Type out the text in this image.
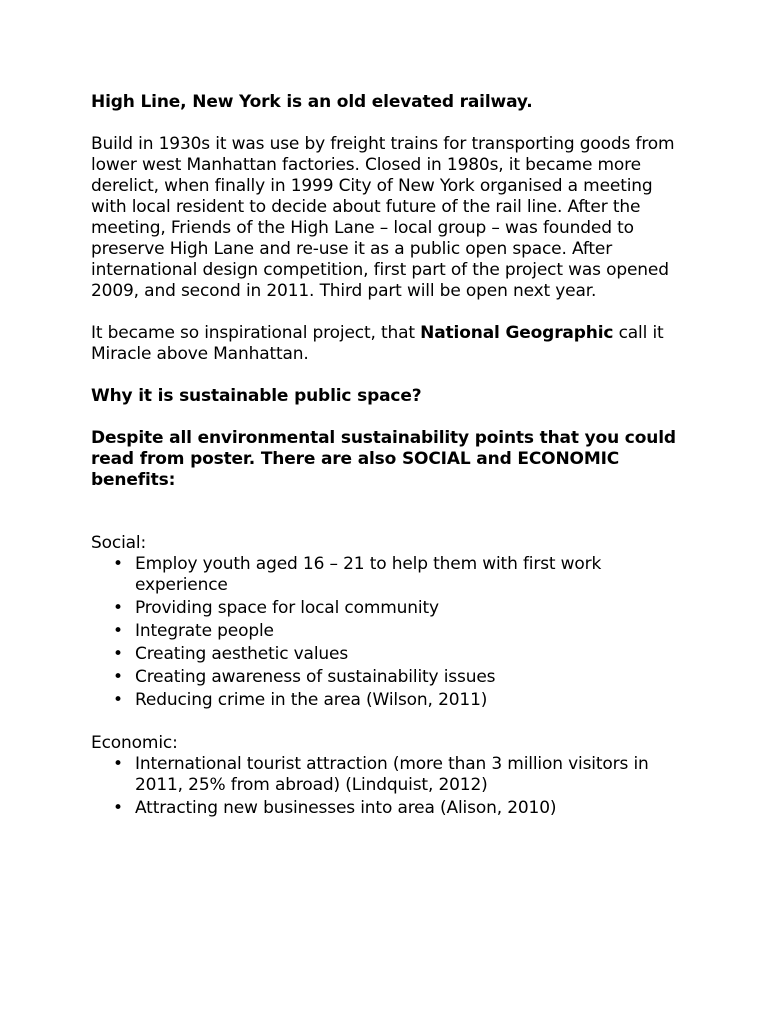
High Line, New York is an old elevated railway.

Build in 1930s it was use by freight trains for transporting goods from lower west Manhattan factories. Closed in 1980s, it became more derelict, when finally in 1999 City of New York organised a meeting with local resident to decide about future of the rail line. After the meeting, Friends of the High Lane – local group – was founded to preserve High Lane and re-use it as a public open space. After international design competition, first part of the project was opened 2009, and second in 2011. Third part will be open next year.

It became so inspirational project, that National Geographic call it Miracle above Manhattan.

Why it is sustainable public space?

Despite all environmental sustainability points that you could read from poster. There are also SOCIAL and ECONOMIC benefits:

Social:

• Employ youth aged 16 – 21 to help them with first work experience
• Providing space for local community
• Integrate people
• Creating aesthetic values
• Creating awareness of sustainability issues
• Reducing crime in the area (Wilson, 2011)

Economic:

• International tourist attraction (more than 3 million visitors in 2011, 25% from abroad) (Lindquist, 2012)
• Attracting new businesses into area (Alison, 2010)
